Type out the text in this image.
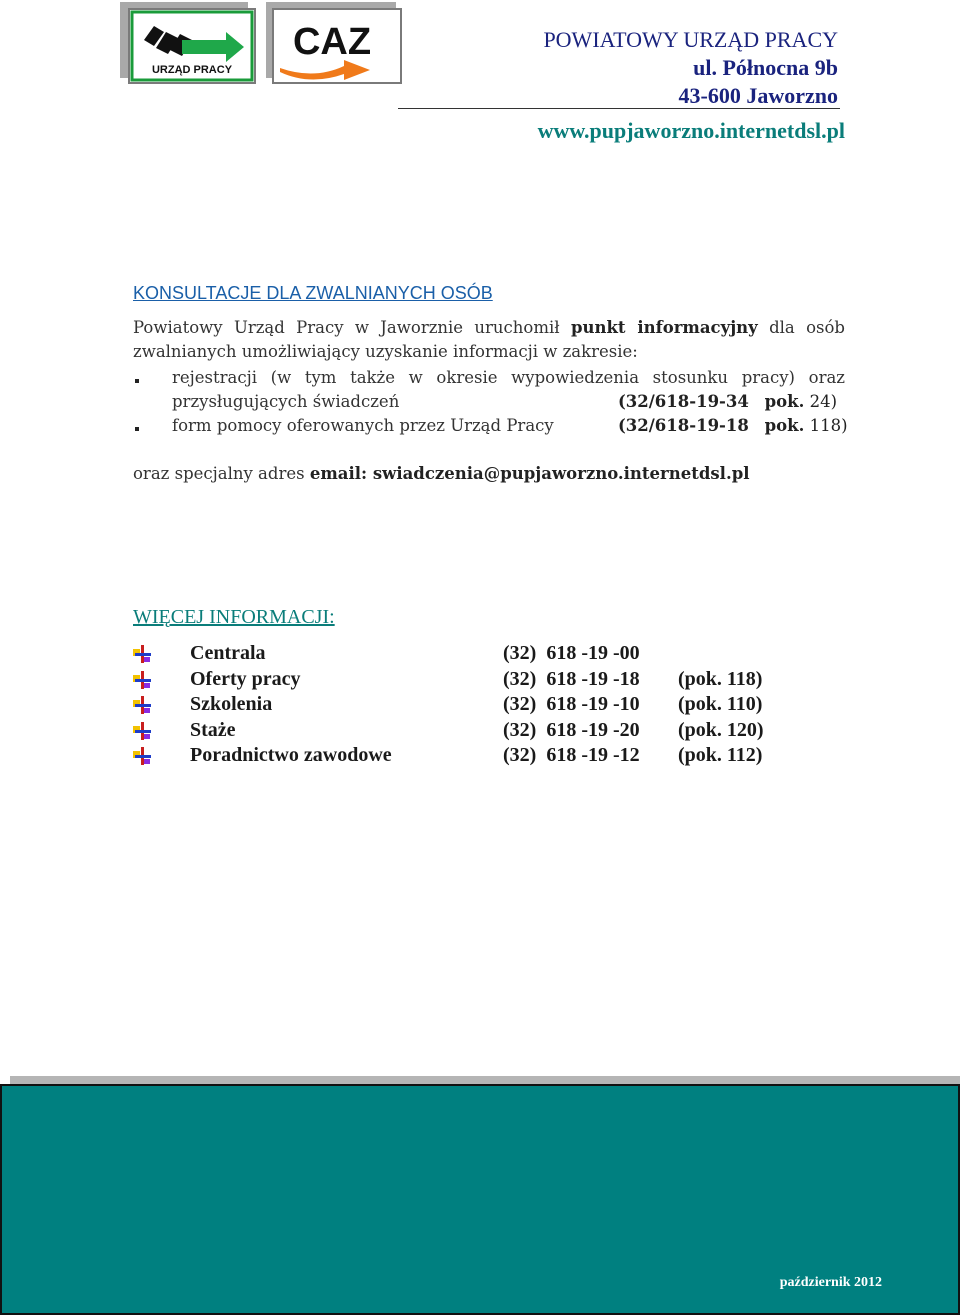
URZĄD PRACY
CAZ	POWIATOWY URZĄD PRACY
ul. Północna 9b
43-600 Jaworzno
www.pupjaworzno.internetdsl.pl
KONSULTACJE DLA ZWALNIANYCH OSÓB
Powiatowy Urząd Pracy w Jaworznie uruchomił punkt informacyjny dla osób zwalnianych umożliwiający uzyskanie informacji w zakresie:
rejestracji (w tym także w okresie wypowiedzenia stosunku pracy) oraz
przysługujących świadczeń	(32/618-19-34 pok. 24)
form pomocy oferowanych przez Urząd Pracy	(32/618-19-18 pok. 118)
oraz specjalny adres email: swiadczenia@pupjaworzno.internetdsl.pl
WIĘCEJ INFORMACJI:
Centrala	(32)  618 -19 -00
Oferty pracy	(32)  618 -19 -18 (pok. 118)
Szkolenia	(32)  618 -19 -10 (pok. 110)
Staże	(32)  618 -19 -20 (pok. 120)
Poradnictwo zawodowe	(32)  618 -19 -12 (pok. 112)
październik 2012
